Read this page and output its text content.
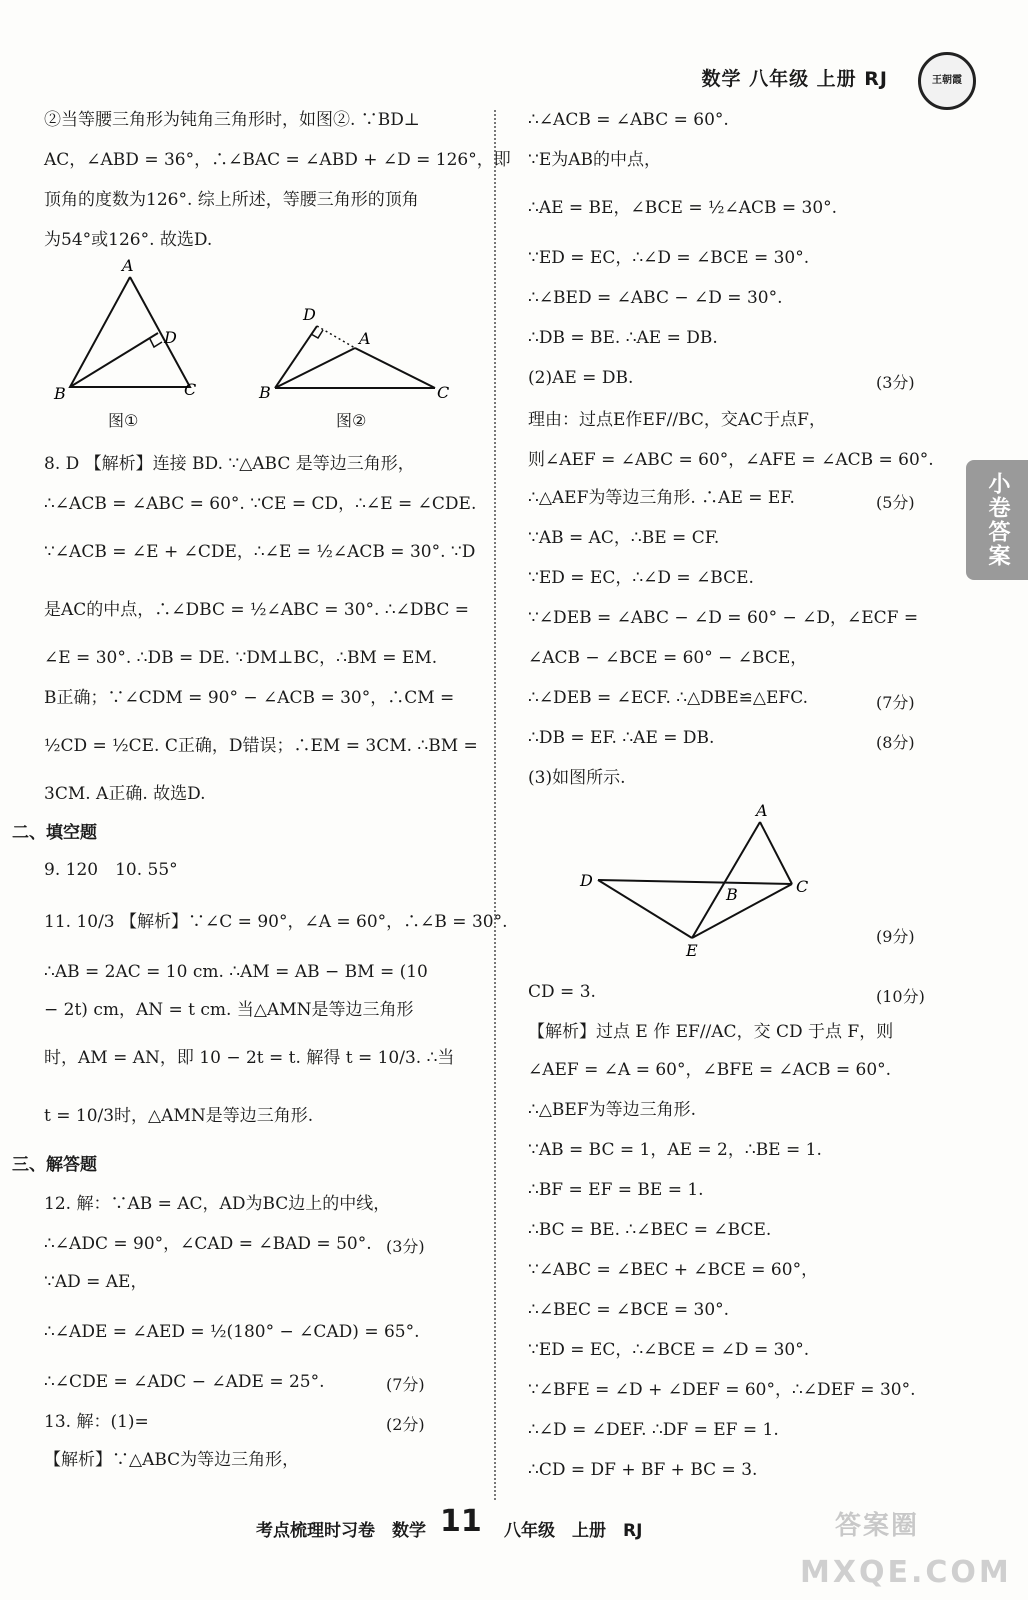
数学 八年级 上册 RJ	王朝霞
小卷答案
②当等腰三角形为钝角三角形时，如图②. ∵BD⊥
AC，∠ABD = 36°，∴∠BAC = ∠ABD + ∠D = 126°，即
顶角的度数为126°. 综上所述，等腰三角形的顶角
为54°或126°. 故选D.
8. D 【解析】连接 BD. ∵△ABC 是等边三角形，
∴∠ACB = ∠ABC = 60°. ∵CE = CD，∴∠E = ∠CDE.
∵∠ACB = ∠E + ∠CDE，∴∠E = ½∠ACB = 30°. ∵D
是AC的中点，∴∠DBC = ½∠ABC = 30°. ∴∠DBC =
∠E = 30°. ∴DB = DE. ∵DM⊥BC，∴BM = EM.
B正确；∵∠CDM = 90° − ∠ACB = 30°，∴CM =
½CD = ½CE. C正确，D错误；∴EM = 3CM. ∴BM =
3CM. A正确. 故选D.
9. 120　10. 55°
11. 10/3 【解析】∵∠C = 90°，∠A = 60°，∴∠B = 30°.
∴AB = 2AC = 10 cm. ∴AM = AB − BM = (10
− 2t) cm，AN = t cm. 当△AMN是等边三角形
时，AM = AN，即 10 − 2t = t. 解得 t = 10/3. ∴当
t = 10/3时，△AMN是等边三角形.
12. 解：∵AB = AC，AD为BC边上的中线，
∴∠ADC = 90°，∠CAD = ∠BAD = 50°.
∵AD = AE，
∴∠ADE = ∠AED = ½(180° − ∠CAD) = 65°.
∴∠CDE = ∠ADC − ∠ADE = 25°.
13. 解：(1)=
【解析】∵△ABC为等边三角形，
二、填空题
三、解答题
(3分)
(7分)
(2分)
∴∠ACB = ∠ABC = 60°.
∵E为AB的中点，
∴AE = BE，∠BCE = ½∠ACB = 30°.
∵ED = EC，∴∠D = ∠BCE = 30°.
∴∠BED = ∠ABC − ∠D = 30°.
∴DB = BE. ∴AE = DB.
(2)AE = DB.
理由：过点E作EF//BC，交AC于点F，
则∠AEF = ∠ABC = 60°，∠AFE = ∠ACB = 60°.
∴△AEF为等边三角形. ∴AE = EF.
∵AB = AC，∴BE = CF.
∵ED = EC，∴∠D = ∠BCE.
∵∠DEB = ∠ABC − ∠D = 60° − ∠D，∠ECF =
∠ACB − ∠BCE = 60° − ∠BCE，
∴∠DEB = ∠ECF. ∴△DBE≌△EFC.
∴DB = EF. ∴AE = DB.
(3)如图所示.
CD = 3.
【解析】过点 E 作 EF//AC，交 CD 于点 F，则
∠AEF = ∠A = 60°，∠BFE = ∠ACB = 60°.
∴△BEF为等边三角形.
∵AB = BC = 1，AE = 2，∴BE = 1.
∴BF = EF = BE = 1.
∴BC = BE. ∴∠BEC = ∠BCE.
∵∠ABC = ∠BEC + ∠BCE = 60°，
∴∠BEC = ∠BCE = 30°.
∵ED = EC，∴∠BCE = ∠D = 30°.
∵∠BFE = ∠D + ∠DEF = 60°，∴∠DEF = 30°.
∴∠D = ∠DEF. ∴DF = EF = 1.
∴CD = DF + BF + BC = 3.
(3分)
(5分)
(7分)
(8分)
(9分)
(10分)
A
D
B	C
图①
D
A
B	C
图②
A
D
B	C
E
考点梳理时习卷　数学 11 八年级　上册　RJ	答案圈
MXQE.COM
